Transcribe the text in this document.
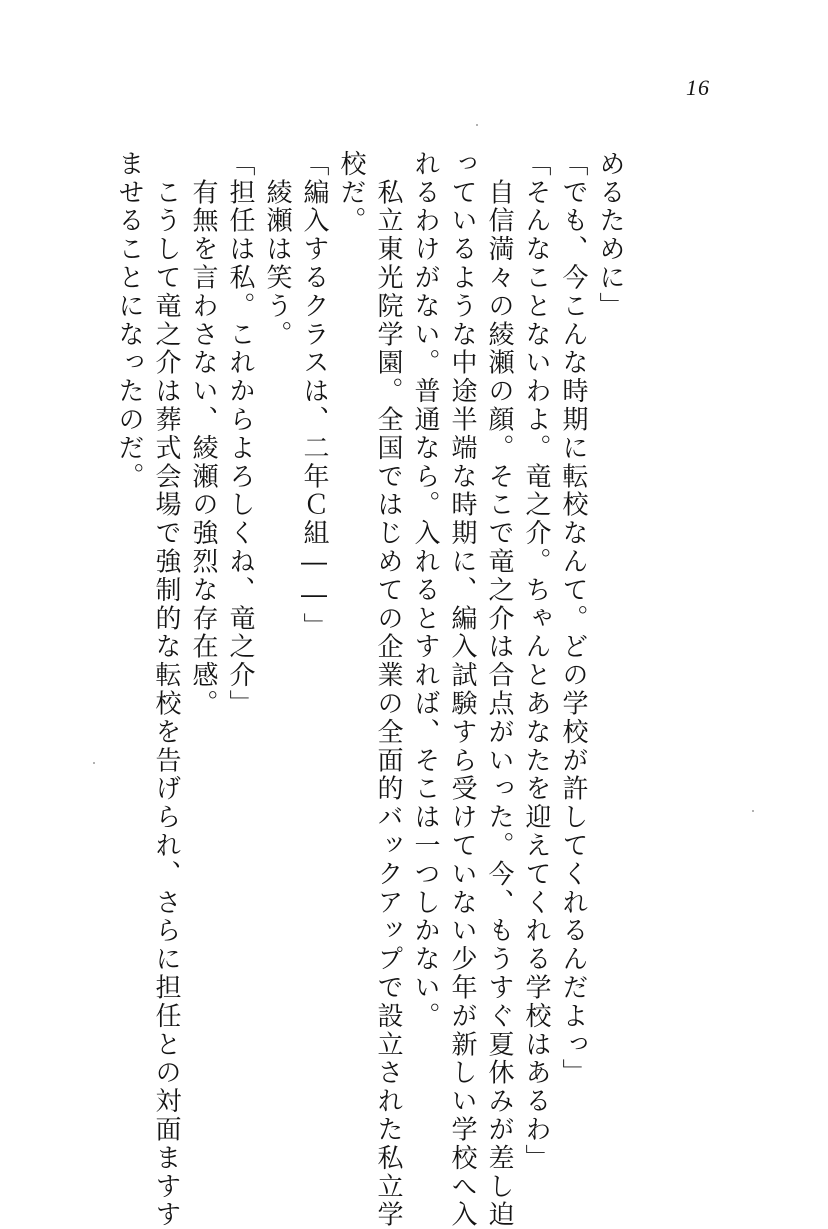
16

めるために」

「でも、今こんな時期に転校なんて。どの学校が許してくれるんだよっ」

「そんなことないわよ。竜之介。ちゃんとあなたを迎えてくれる学校はあるわ」

　自信満々の綾瀬の顔。そこで竜之介は合点がいった。今、もうすぐ夏休みが差し迫

っているような中途半端な時期に、編入試験すら受けていない少年が新しい学校へ入

れるわけがない。普通なら。入れるとすれば、そこは一つしかない。

　私立東光院学園。全国ではじめての企業の全面的バックアップで設立された私立学

校だ。

「編入するクラスは、二年Ｃ組――」

　綾瀬は笑う。

「担任は私。これからよろしくね、竜之介」

　有無を言わさない、綾瀬の強烈な存在感。

　こうして竜之介は葬式会場で強制的な転校を告げられ、さらに担任との対面ますす

ませることになったのだ。
